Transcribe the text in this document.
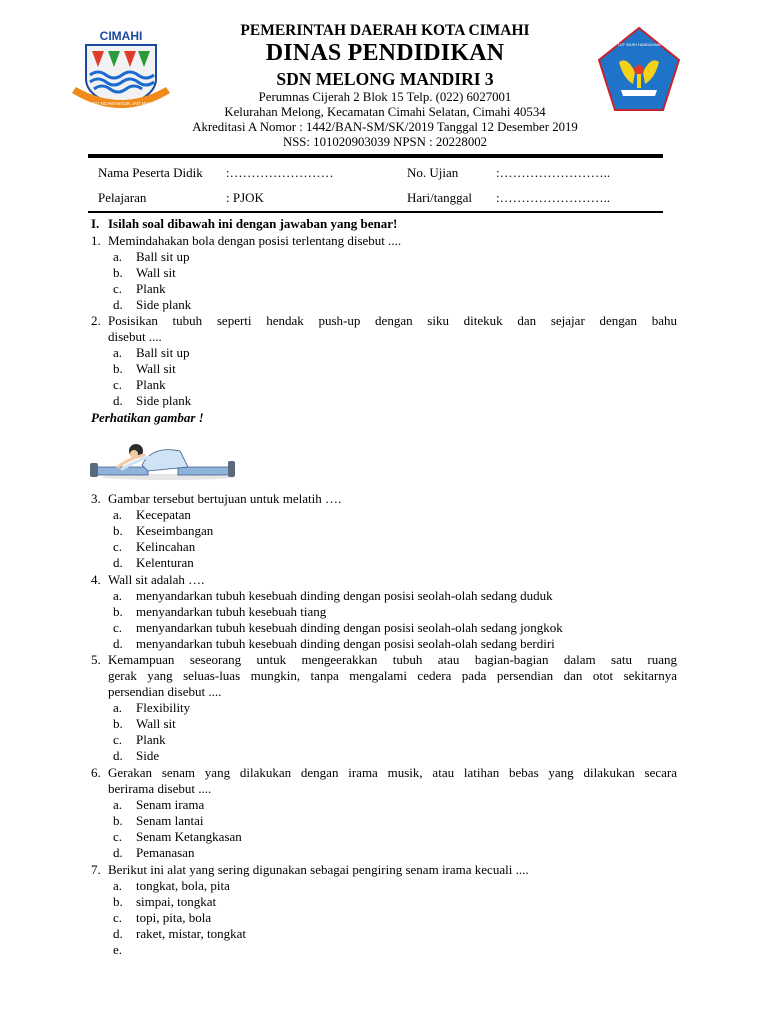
CIMAHI
SALUYU NGAWANGUN JATI MANDIRI
TUT WURI HANDAYANI
PEMERINTAH DAERAH KOTA CIMAHI
DINAS PENDIDIKAN
SDN MELONG MANDIRI 3
Perumnas Cijerah 2 Blok 15 Telp. (022) 6027001
Kelurahan Melong, Kecamatan Cimahi Selatan, Cimahi 40534
Akreditasi A Nomor : 1442/BAN-SM/SK/2019 Tanggal 12 Desember 2019
NSS: 101020903039 NPSN : 20228002
Nama Peserta Didik :……………………	No. Ujian	:……………………..
Pelajaran	: PJOK	Hari/tanggal :……………………..
I. Isilah soal dibawah ini dengan jawaban yang benar!
1. Memindahakan bola dengan posisi terlentang disebut ....
a. Ball sit up
b. Wall sit
c. Plank
d. Side plank
2. Posisikan tubuh seperti hendak push-up dengan siku ditekuk dan sejajar dengan bahu
disebut ....
a. Ball sit up
b. Wall sit
c. Plank
d. Side plank
Perhatikan gambar !
3. Gambar tersebut bertujuan untuk melatih ….
a. Kecepatan
b. Keseimbangan
c. Kelincahan
d. Kelenturan
4. Wall sit adalah ….
a. menyandarkan tubuh kesebuah dinding dengan posisi seolah-olah sedang duduk
b. menyandarkan tubuh kesebuah tiang
c. menyandarkan tubuh kesebuah dinding dengan posisi seolah-olah sedang jongkok
d. menyandarkan tubuh kesebuah dinding dengan posisi seolah-olah sedang berdiri
5. Kemampuan seseorang untuk mengeerakkan tubuh atau bagian-bagian dalam satu ruang
gerak yang seluas-luas mungkin, tanpa mengalami cedera pada persendian dan otot sekitarnya
persendian disebut ....
a. Flexibility
b. Wall sit
c. Plank
d. Side
6. Gerakan senam yang dilakukan dengan irama musik, atau latihan bebas yang dilakukan secara
berirama disebut ....
a. Senam irama
b. Senam lantai
c. Senam Ketangkasan
d. Pemanasan
7. Berikut ini alat yang sering digunakan sebagai pengiring senam irama kecuali ....
a. tongkat, bola, pita
b. simpai, tongkat
c. topi, pita, bola
d. raket, mistar, tongkat
e.
